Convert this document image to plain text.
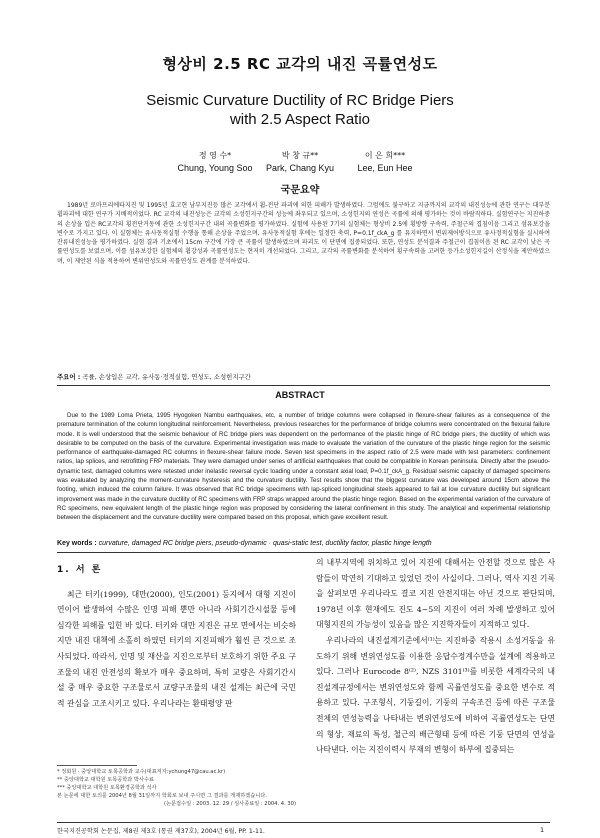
형상비 2.5 RC 교각의 내진 곡률연성도
Seismic Curvature Ductility of RC Bridge Piers
with 2.5 Aspect Ratio
정 영 수*
Chung, Young Soo
박 창 규**
Park, Chang Kyu
이 은 희***
Lee, Eun Hee
국문요약
1989년 로마프리에타지진 및 1995년 효고현 남부지진등 많은 교각에서 휨-전단 파괴에 의한 피해가 발생하였다. 그럼에도 불구하고 지금까지의 교각의 내진성능에 관한 연구는 대부분 휨파괴에 대한 연구가 지배적이었다. RC 교각의 내진성능은 교각의 소성힌지구간의 성능에 좌우되고 있으며, 소성힌지의 연성은 곡률에 의해 평가하는 것이 바람직하다. 실험연구는 지진하중의 손상을 입은 RC교각의 횡전단거동에 관한 소성힌지구간 내의 곡률변화를 평가하였다. 실험에 사용된 7기의 실험체는 형상비 2.5에 횡방향 구속력, 주철근의 겹침이음 그리고 섬유보강을 변수로 가지고 있다. 이 실험체는 유사동적실험 수행을 통해 손상을 주었으며, 유사동적실험 후에는 일정한 축력, P=0.1f_ckA_g 를 유지하면서 변위제어방식으로 유사정적실험을 실시하여 잔류내진성능을 평가하였다. 실험 결과 기초에서 15cm 구간에 가장 큰 곡률이 발생하였으며 파괴도 이 단면에 집중되었다. 또한, 연성도 분석결과 주철근이 겹침이음 된 RC 교각이 낮은 곡률연성도를 보였으며, 이를 섬유보강한 실험체의 휨강성과 곡률연성도는 현저히 개선되었다. 그리고, 교각의 곡률변화를 분석하여 횡구속력을 고려한 등가소성힌지길이 산정식을 제안하였으며, 이 제안된 식을 적용하여 변위연성도와 곡률연성도 관계를 분석하였다.
주요어 : 곡률, 손상입은 교각, 유사동·정적실험, 연성도, 소성힌지구간
ABSTRACT
Due to the 1989 Loma Prieta, 1995 Hyogoken Nambu earthquakes, etc, a number of bridge columns were collapsed in flexure-shear failures as a consequence of the premature termination of the column longitudinal reinforcement. Nevertheless, previous researches for the performance of bridge columns were concentrated on the flexural failure mode. It is well understood that the seismic behaviour of RC bridge piers was dependent on the performance of the plastic hinge of RC bridge piers, the ductility of which was desirable to be computed on the basis of the curvature. Experimental investigation was made to evaluate the variation of the curvature of the plastic hinge region for the seismic performance of earthquake-damaged RC columns in flexure-shear failure mode. Seven test specimens in the aspect ratio of 2.5 were made with test parameters: confinement ratios, lap splices, and retrofitting FRP materials. They were damaged under series of artificial earthquakes that could be compatible in Korean peninsula. Directly after the pseudo-dynamic test, damaged columns were retested under inelastic reversal cyclic loading under a constant axial load, P=0.1f_ckA_g. Residual seismic capacity of damaged specimens was evaluated by analyzing the moment-curvature hysteresis and the curvature ductility. Test results show that the biggest curvature was developed around 15cm above the footing, which induced the column failure. It was observed that RC bridge specimens with lap-spliced longitudinal steels appeared to fail at low curvature ductility but significant improvement was made in the curvature ductility of RC specimens with FRP straps wrapped around the plastic hinge region. Based on the experimental variation of the curvature of RC specimens, new equivalent length of the plastic hinge region was proposed by considering the lateral confinement in this study. The analytical and experimental relationship between the displacement and the curvature ductility were compared based on this proposal, which gave excellent result.
Key words : curvature, damaged RC bridge piers, pseudo-dynamic · quasi-static test, ductility factor, plastic hinge length
1. 서 론

최근 터키(1999), 대만(2000), 인도(2001) 등지에서 대형 지진이 연이어 발생하여 수많은 인명 피해 뿐만 아니라 사회기간시설물 등에 심각한 피해를 입힌 바 있다. 터키와 대만 지진은 규모 면에서는 비슷하지만 내진 대책에 소홀히 하였던 터키의 지진피해가 훨씬 큰 것으로 조사되었다. 따라서, 인명 및 재산을 지진으로부터 보호하기 위한 주요 구조물의 내진 안전성의 확보가 매우 중요하며, 특히 교량은 사회기간시설 중 매우 중요한 구조물로서 교량구조물의 내진 설계는 최근에 국민적 관심을 고조시키고 있다. 우리나라는 환태평양 판

의 내부지역에 위치하고 있어 지진에 대해서는 안전할 것으로 많은 사람들이 막연히 기대하고 있었던 것이 사실이다. 그러나, 역사 지진 기록을 살펴보면 우리나라도 결코 지진 안전지대는 아닌 것으로 판단되며, 1978년 이후 현재에도 진도 4~5의 지진이 여러 차례 발생하고 있어 대형지진의 가능성이 있음을 많은 지진학자들이 지적하고 있다.

우리나라의 내진설계기준에서⁽¹⁾는 지진하중 작용시 소성거동을 유도하기 위해 변위연성도를 이용한 응답수정계수만을 설계에 적용하고 있다. 그러나 Eurocode 8⁽²⁾, NZS 3101⁽³⁾를 비롯한 세계각국의 내진설계규정에서는 변위연성도와 함께 곡률연성도를 중요한 변수로 적용하고 있다. 구조형식, 기둥길이, 기둥의 구속조건 등에 따른 구조물 전체의 연성능력을 나타내는 변위연성도에 비하여 곡률연성도는 단면의 형상, 재료의 특성, 철근의 배근형태 등에 따른 기둥 단면의 연성을 나타낸다. 이는 지진이력시 부재의 변형이 하부에 집중되는

* 정회원 · 중앙대학교 토목공학과 교수(대표저자:ychung47@cau.ac.kr)
** 중앙대학교 대학원 토목공학과 박사수료
*** 중앙대학교 대학원 토목환경공학과 석사
본 논문에 대한 토의를 2004년 8월 31일까지 학회로 보내 주시면 그 결과를 게재하겠습니다.
(논문접수일 : 2003. 12. 29 / 심사종료일 : 2004. 4. 30)
한국지진공학회 논문집, 제8권 제3호 (통권 제37호), 2004년 6월, PP. 1-11.	1
